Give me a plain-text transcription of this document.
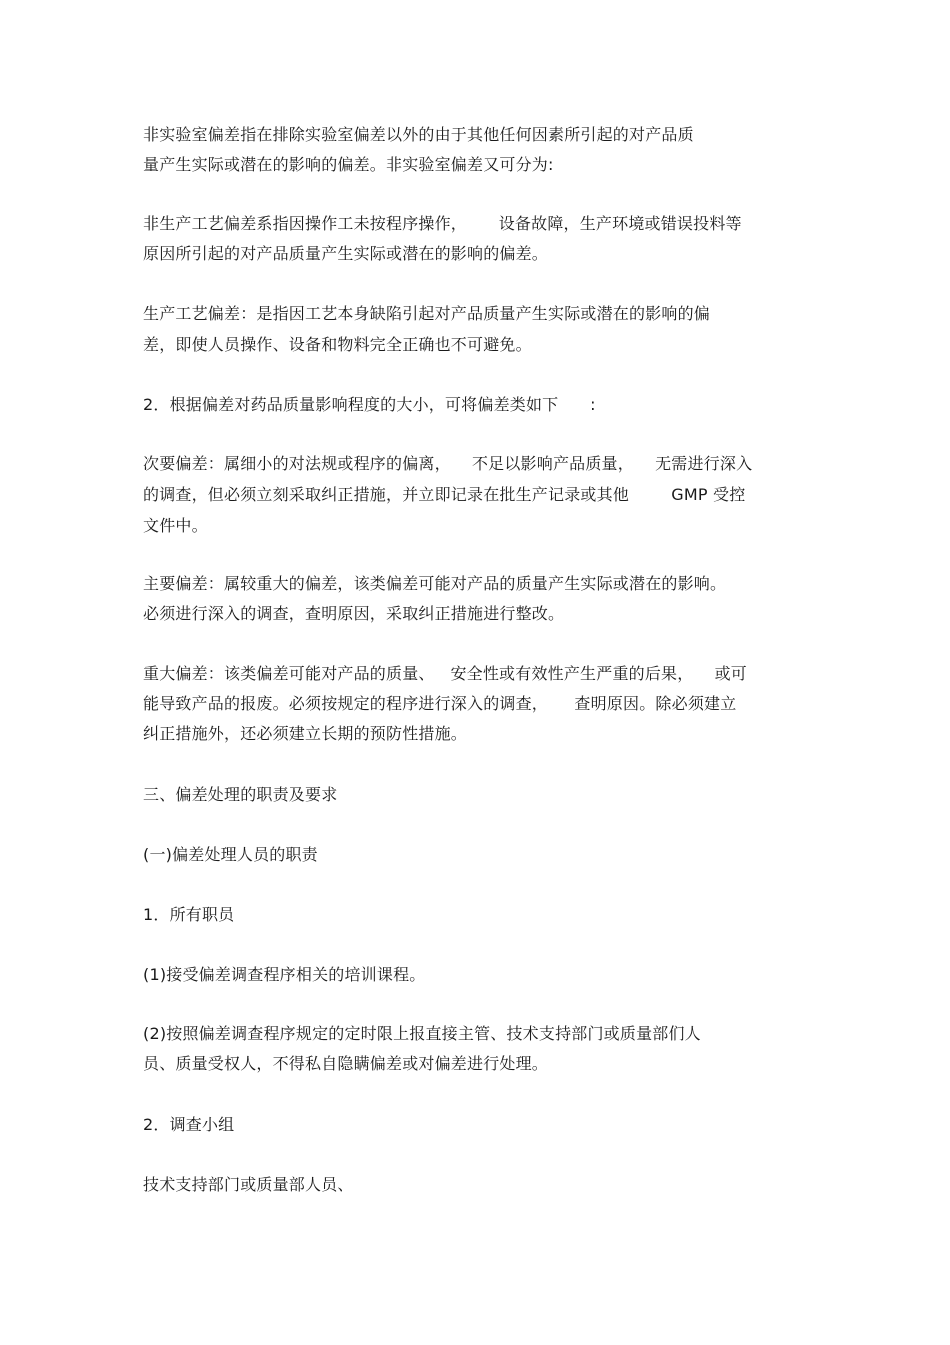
非实验室偏差指在排除实验室偏差以外的由于其他任何因素所引起的对产品质
量产生实际或潜在的影响的偏差。非实验室偏差又可分为:
非生产工艺偏差系指因操作工未按程序操作，      设备故障，生产环境或错误投料等
原因所引起的对产品质量产生实际或潜在的影响的偏差。
生产工艺偏差：是指因工艺本身缺陷引起对产品质量产生实际或潜在的影响的偏
差，即使人员操作、设备和物料完全正确也不可避免。
2．根据偏差对药品质量影响程度的大小，可将偏差类如下      :
次要偏差：属细小的对法规或程序的偏离，    不足以影响产品质量，    无需进行深入
的调查，但必须立刻采取纠正措施，并立即记录在批生产记录或其他        GMP 受控
文件中。
主要偏差：属较重大的偏差，该类偏差可能对产品的质量产生实际或潜在的影响。
必须进行深入的调查，查明原因，采取纠正措施进行整改。
重大偏差：该类偏差可能对产品的质量、   安全性或有效性产生严重的后果，    或可
能导致产品的报废。必须按规定的程序进行深入的调查，     查明原因。除必须建立
纠正措施外，还必须建立长期的预防性措施。
三、偏差处理的职责及要求
(一)偏差处理人员的职责
1．所有职员
(1)接受偏差调查程序相关的培训课程。
(2)按照偏差调查程序规定的定时限上报直接主管、技术支持部门或质量部们人
员、质量受权人，不得私自隐瞒偏差或对偏差进行处理。
2．调查小组
技术支持部门或质量部人员、
